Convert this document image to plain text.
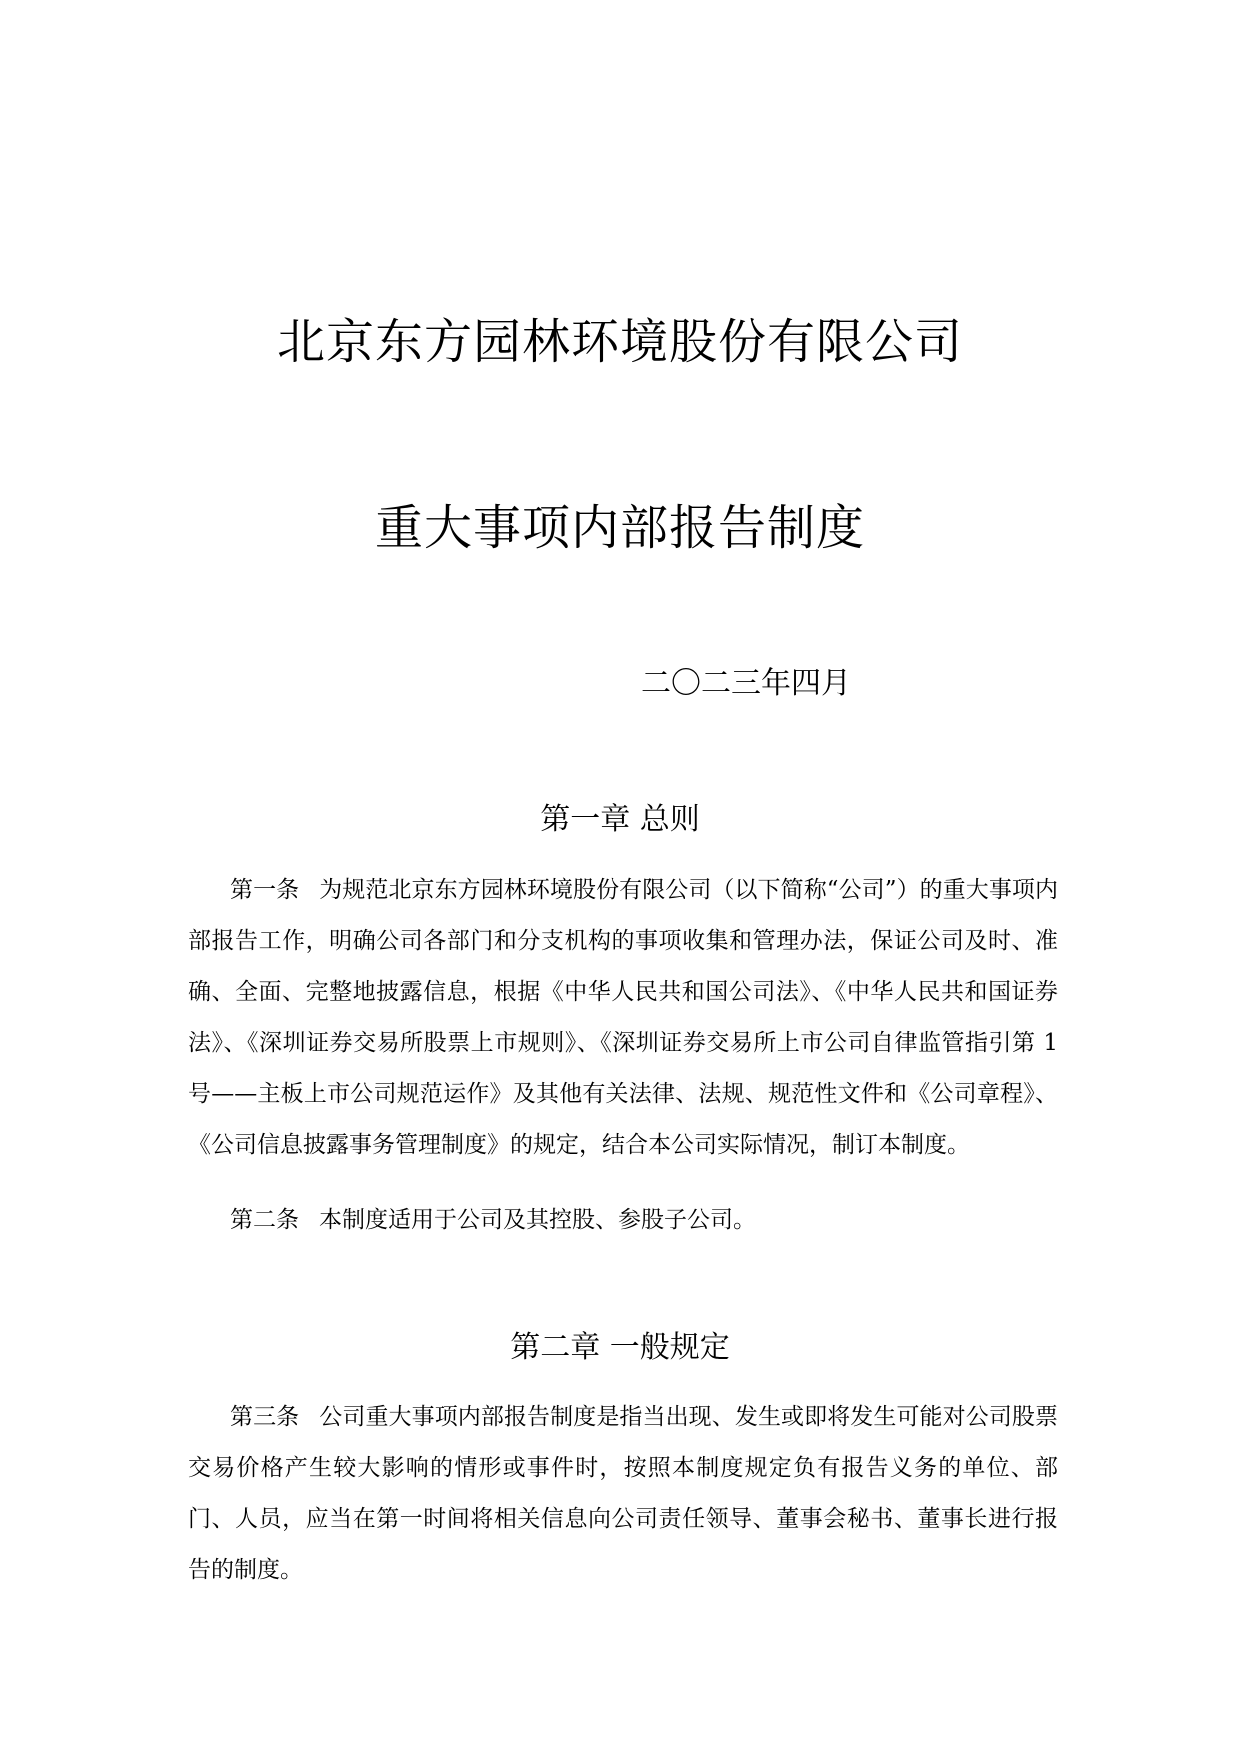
北京东方园林环境股份有限公司
重大事项内部报告制度
二〇二三年四月
第一章 总则

第一条 为规范北京东方园林环境股份有限公司（以下简称“公司”）的重大事项内部报告工作，明确公司各部门和分支机构的事项收集和管理办法，保证公司及时、准确、全面、完整地披露信息，根据《中华人民共和国公司法》、《中华人民共和国证券法》、《深圳证券交易所股票上市规则》、《深圳证券交易所上市公司自律监管指引第 1号——主板上市公司规范运作》及其他有关法律、法规、规范性文件和《公司章程》、《公司信息披露事务管理制度》的规定，结合本公司实际情况，制订本制度。

第二条 本制度适用于公司及其控股、参股子公司。

第二章 一般规定

第三条 公司重大事项内部报告制度是指当出现、发生或即将发生可能对公司股票交易价格产生较大影响的情形或事件时，按照本制度规定负有报告义务的单位、部门、人员，应当在第一时间将相关信息向公司责任领导、董事会秘书、董事长进行报告的制度。
